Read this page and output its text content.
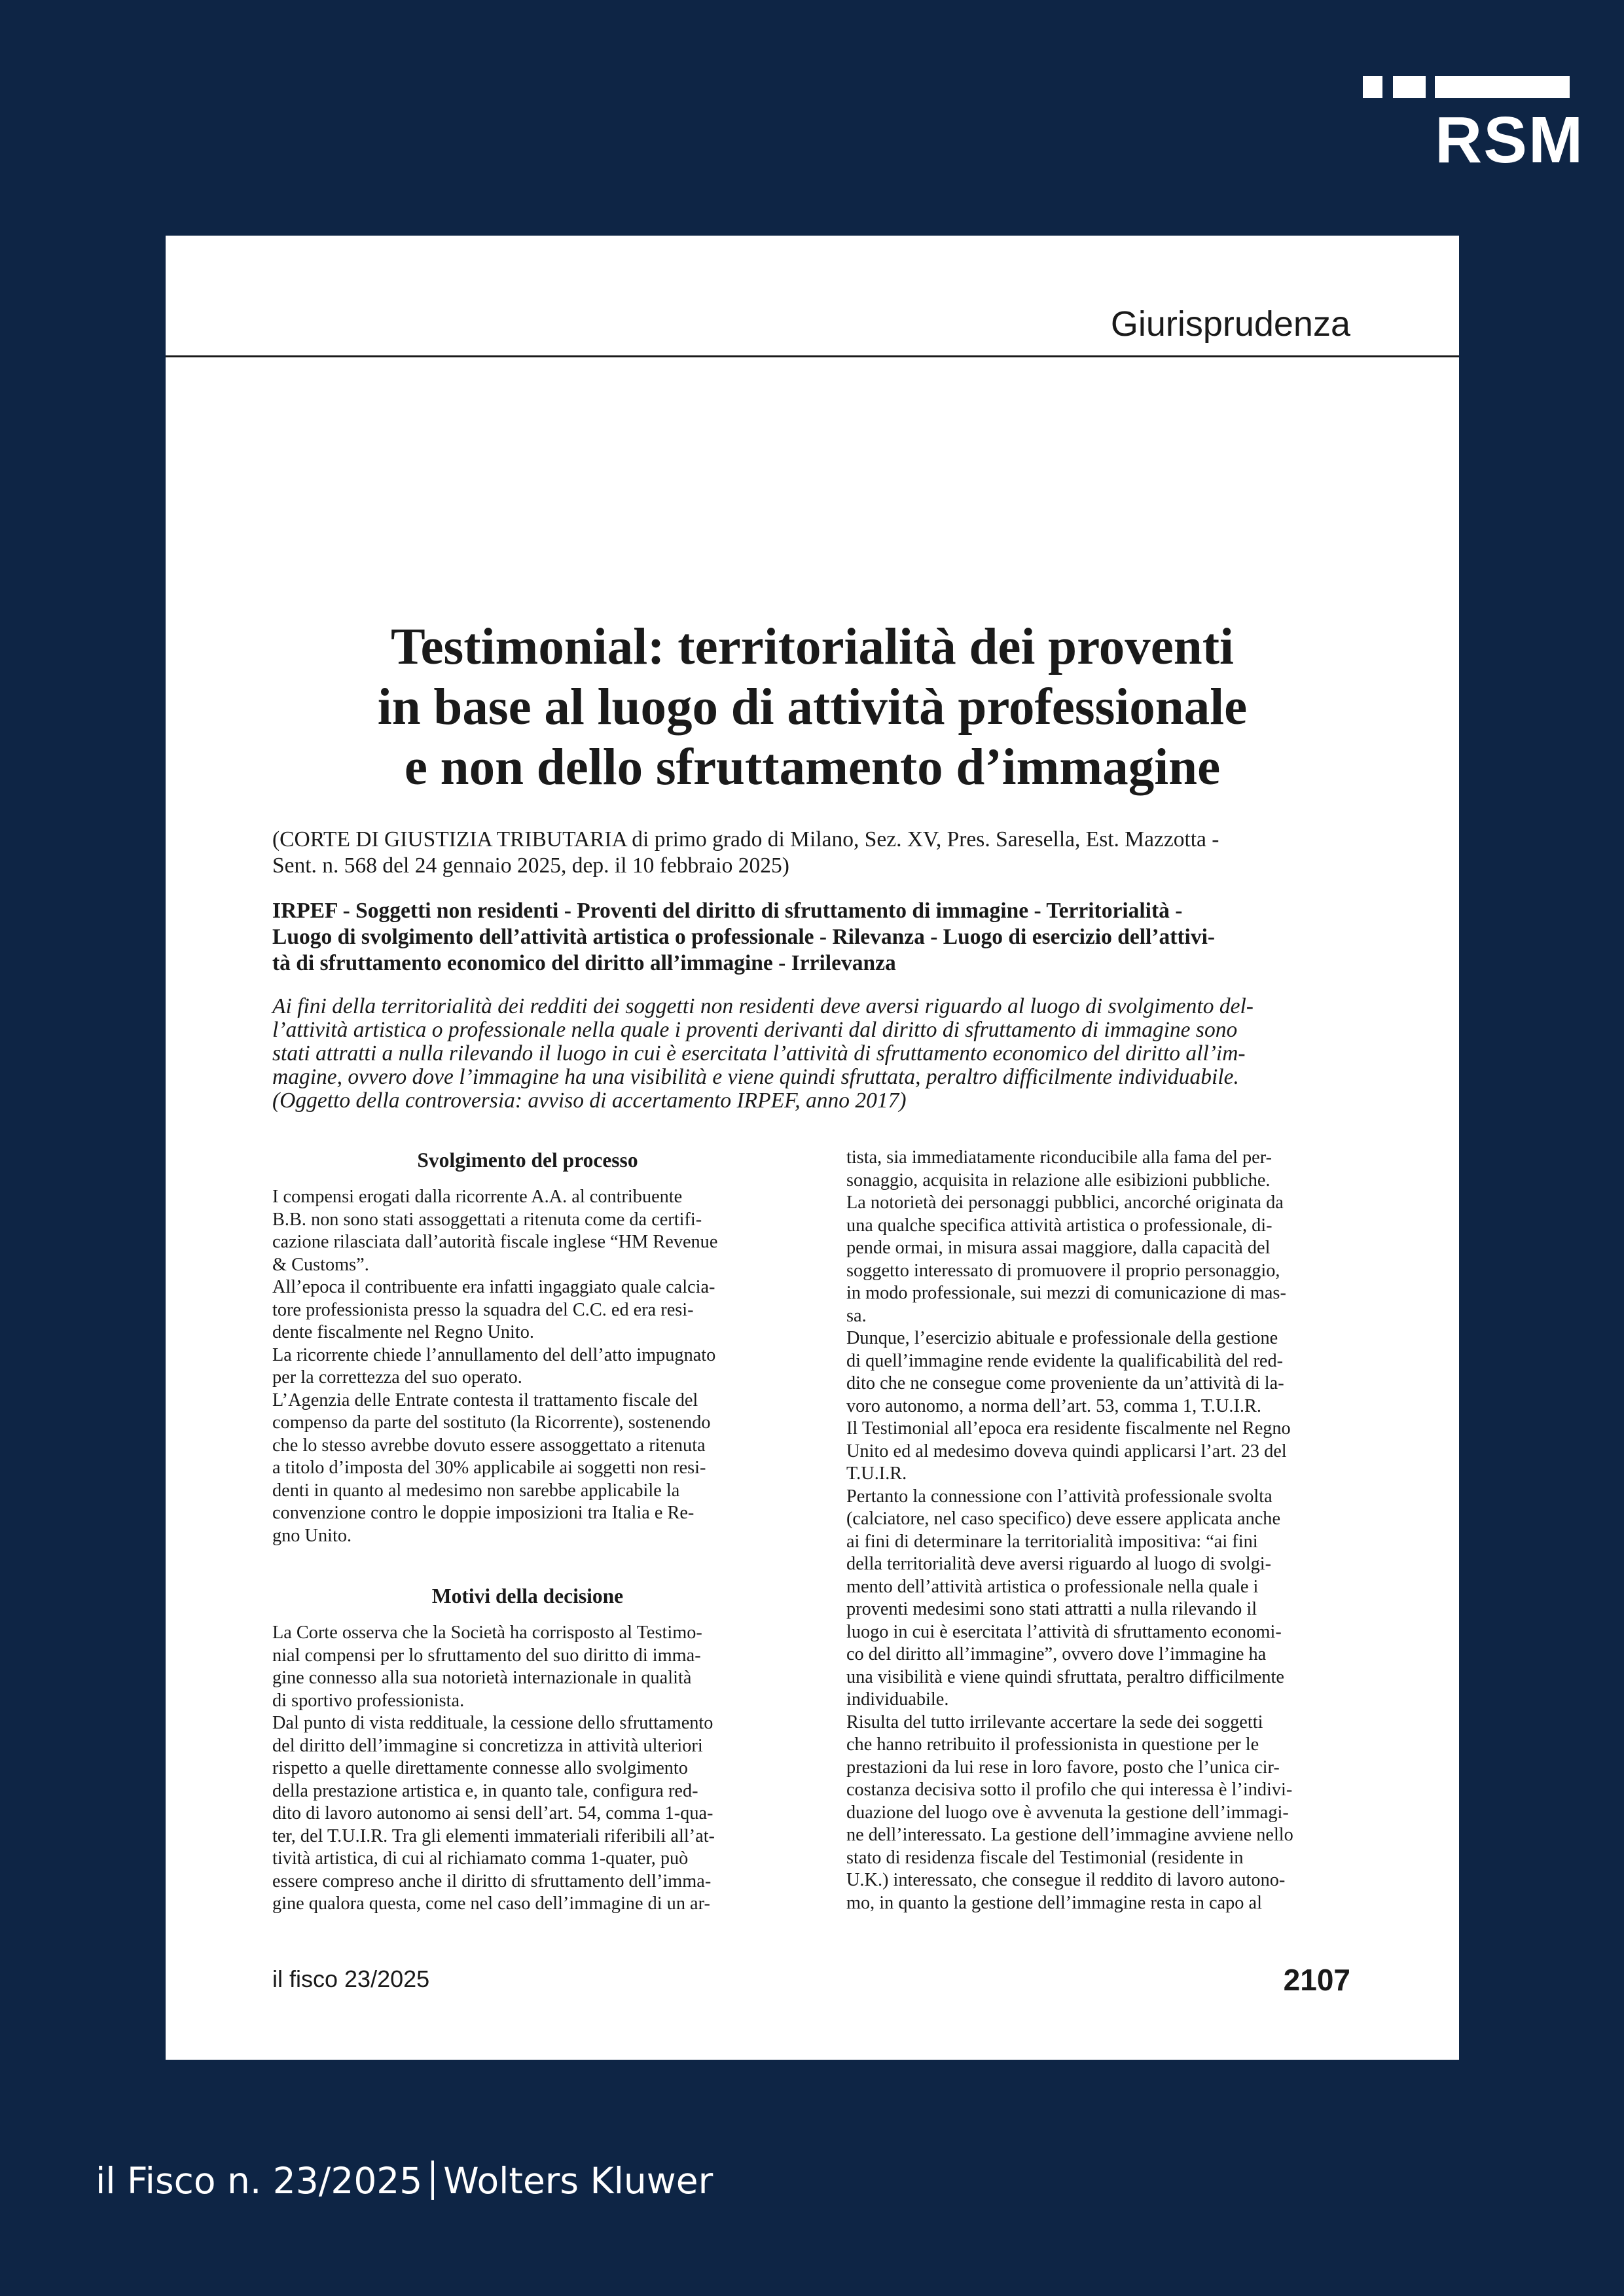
RSM
Giurisprudenza
Testimonial: territorialità dei proventi
in base al luogo di attività professionale
e non dello sfruttamento d’immagine
(CORTE DI GIUSTIZIA TRIBUTARIA di primo grado di Milano, Sez. XV, Pres. Saresella, Est. Mazzotta -
Sent. n. 568 del 24 gennaio 2025, dep. il 10 febbraio 2025)
IRPEF - Soggetti non residenti - Proventi del diritto di sfruttamento di immagine - Territorialità -
Luogo di svolgimento dell’attività artistica o professionale - Rilevanza - Luogo di esercizio dell’attivi-
tà di sfruttamento economico del diritto all’immagine - Irrilevanza
Ai fini della territorialità dei redditi dei soggetti non residenti deve aversi riguardo al luogo di svolgimento del-
l’attività artistica o professionale nella quale i proventi derivanti dal diritto di sfruttamento di immagine sono
stati attratti a nulla rilevando il luogo in cui è esercitata l’attività di sfruttamento economico del diritto all’im-
magine, ovvero dove l’immagine ha una visibilità e viene quindi sfruttata, peraltro difficilmente individuabile.
(Oggetto della controversia: avviso di accertamento IRPEF, anno 2017)
Svolgimento del processo
I compensi erogati dalla ricorrente A.A. al contribuente
B.B. non sono stati assoggettati a ritenuta come da certifi-
cazione rilasciata dall’autorità fiscale inglese “HM Revenue
& Customs”.
All’epoca il contribuente era infatti ingaggiato quale calcia-
tore professionista presso la squadra del C.C. ed era resi-
dente fiscalmente nel Regno Unito.
La ricorrente chiede l’annullamento del dell’atto impugnato
per la correttezza del suo operato.
L’Agenzia delle Entrate contesta il trattamento fiscale del
compenso da parte del sostituto (la Ricorrente), sostenendo
che lo stesso avrebbe dovuto essere assoggettato a ritenuta
a titolo d’imposta del 30% applicabile ai soggetti non resi-
denti in quanto al medesimo non sarebbe applicabile la
convenzione contro le doppie imposizioni tra Italia e Re-
gno Unito.
Motivi della decisione
La Corte osserva che la Società ha corrisposto al Testimo-
nial compensi per lo sfruttamento del suo diritto di imma-
gine connesso alla sua notorietà internazionale in qualità
di sportivo professionista.
Dal punto di vista reddituale, la cessione dello sfruttamento
del diritto dell’immagine si concretizza in attività ulteriori
rispetto a quelle direttamente connesse allo svolgimento
della prestazione artistica e, in quanto tale, configura red-
dito di lavoro autonomo ai sensi dell’art. 54, comma 1-qua-
ter, del T.U.I.R. Tra gli elementi immateriali riferibili all’at-
tività artistica, di cui al richiamato comma 1-quater, può
essere compreso anche il diritto di sfruttamento dell’imma-
gine qualora questa, come nel caso dell’immagine di un ar-
tista, sia immediatamente riconducibile alla fama del per-
sonaggio, acquisita in relazione alle esibizioni pubbliche.
La notorietà dei personaggi pubblici, ancorché originata da
una qualche specifica attività artistica o professionale, di-
pende ormai, in misura assai maggiore, dalla capacità del
soggetto interessato di promuovere il proprio personaggio,
in modo professionale, sui mezzi di comunicazione di mas-
sa.
Dunque, l’esercizio abituale e professionale della gestione
di quell’immagine rende evidente la qualificabilità del red-
dito che ne consegue come proveniente da un’attività di la-
voro autonomo, a norma dell’art. 53, comma 1, T.U.I.R.
Il Testimonial all’epoca era residente fiscalmente nel Regno
Unito ed al medesimo doveva quindi applicarsi l’art. 23 del
T.U.I.R.
Pertanto la connessione con l’attività professionale svolta
(calciatore, nel caso specifico) deve essere applicata anche
ai fini di determinare la territorialità impositiva: “ai fini
della territorialità deve aversi riguardo al luogo di svolgi-
mento dell’attività artistica o professionale nella quale i
proventi medesimi sono stati attratti a nulla rilevando il
luogo in cui è esercitata l’attività di sfruttamento economi-
co del diritto all’immagine”, ovvero dove l’immagine ha
una visibilità e viene quindi sfruttata, peraltro difficilmente
individuabile.
Risulta del tutto irrilevante accertare la sede dei soggetti
che hanno retribuito il professionista in questione per le
prestazioni da lui rese in loro favore, posto che l’unica cir-
costanza decisiva sotto il profilo che qui interessa è l’indivi-
duazione del luogo ove è avvenuta la gestione dell’immagi-
ne dell’interessato. La gestione dell’immagine avviene nello
stato di residenza fiscale del Testimonial (residente in
U.K.) interessato, che consegue il reddito di lavoro autono-
mo, in quanto la gestione dell’immagine resta in capo al
il fisco 23/2025	2107
il Fisco n. 23/2025 Wolters Kluwer
